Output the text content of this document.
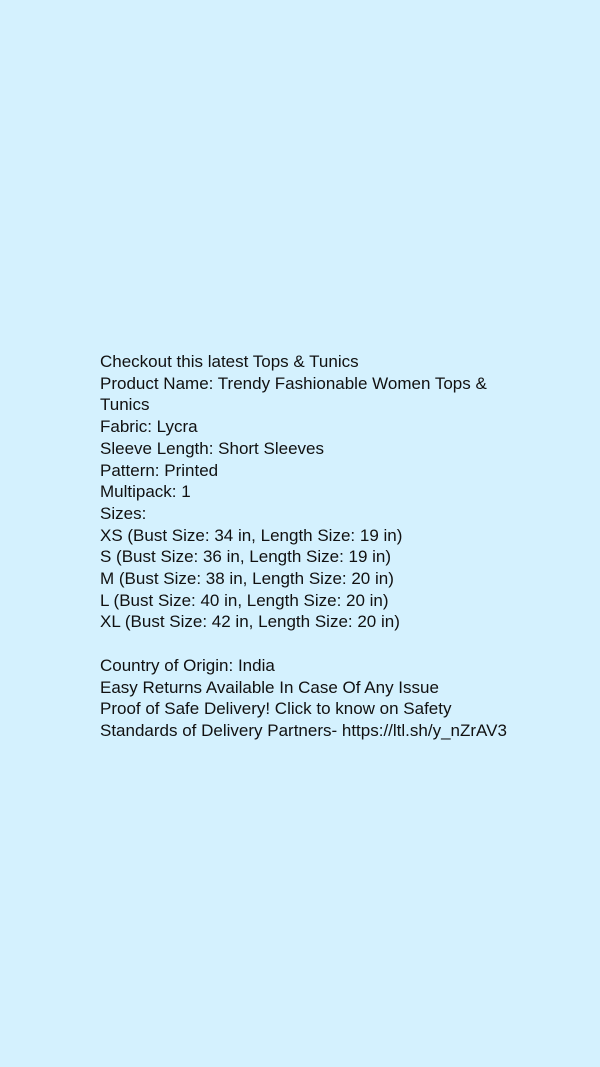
Checkout this latest Tops & Tunics
Product Name: Trendy Fashionable Women Tops & Tunics
Fabric: Lycra
Sleeve Length: Short Sleeves
Pattern: Printed
Multipack: 1
Sizes:
XS (Bust Size: 34 in, Length Size: 19 in)
S (Bust Size: 36 in, Length Size: 19 in)
M (Bust Size: 38 in, Length Size: 20 in)
L (Bust Size: 40 in, Length Size: 20 in)
XL (Bust Size: 42 in, Length Size: 20 in)
Country of Origin: India
Easy Returns Available In Case Of Any Issue
Proof of Safe Delivery! Click to know on Safety
Standards of Delivery Partners- https://ltl.sh/y_nZrAV3
